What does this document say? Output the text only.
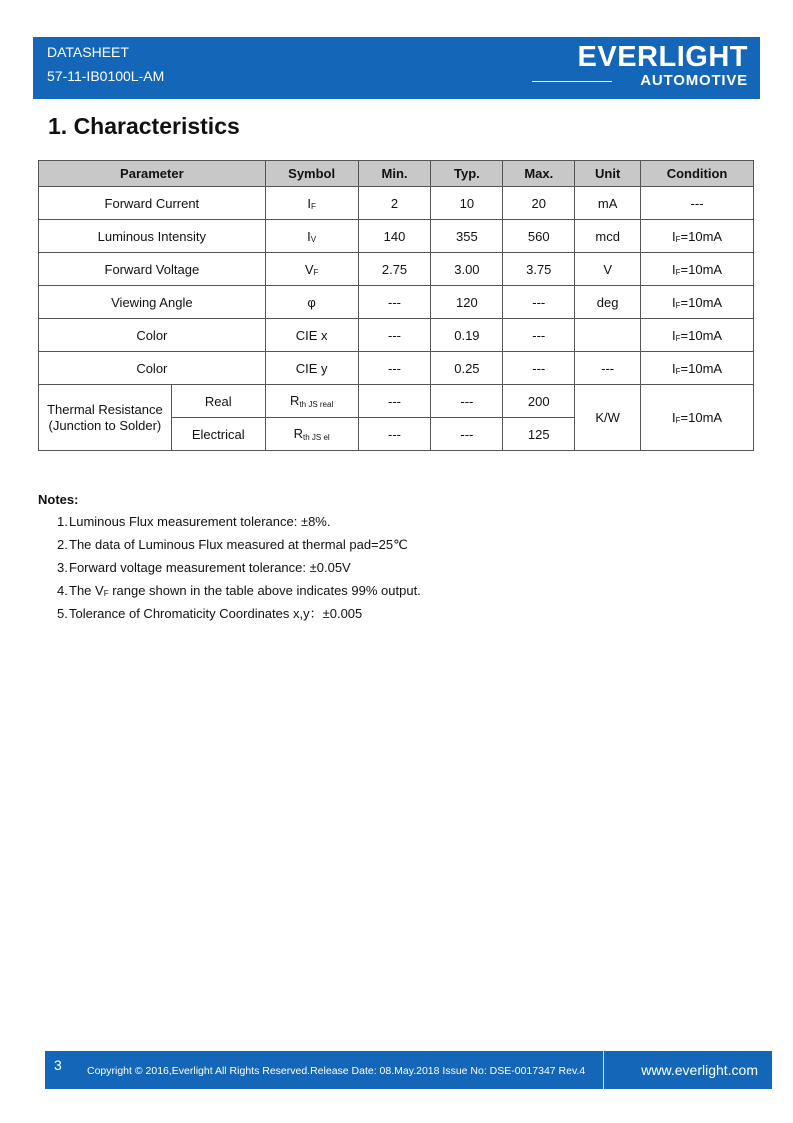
DATASHEET
57-11-IB0100L-AM
EVERLIGHT
AUTOMOTIVE
1. Characteristics
Parameter		Symbol	Min.	Typ.	Max.	Unit	Condition
Forward Current		$I_F$	2	10	20	mA	---
Luminous Intensity		$I_V$	140	355	560	mcd	$I_F=10mA$
Forward Voltage		$V_F$	2.75	3.00	3.75	V	$I_F=10mA$
Viewing Angle		φ	---	120	---	deg	$I_F=10mA$
Color		CIE x	---	0.19	---		$I_F=10mA$
Color		CIE y	---	0.25	---	---	$I_F=10mA$

Thermal Resistance
(Junction to Solder)	Real	$R_{th JS real}$	---	---	200	K/W	$I_F=10mA$
	Electrical	$R_{th JS el}$	---	---	125		
Notes:
1.Luminous Flux measurement tolerance: ±8%.
2.The data of Luminous Flux measured at thermal pad=25℃
3.Forward voltage measurement tolerance: ±0.05V
4.The $V_F$ range shown in the table above indicates 99% output.
5.Tolerance of Chromaticity Coordinates x,y：±0.005
3 Copyright © 2016,Everlight All Rights Reserved.Release Date: 08.May.2018 Issue No: DSE-0017347 Rev.4	www.everlight.com
